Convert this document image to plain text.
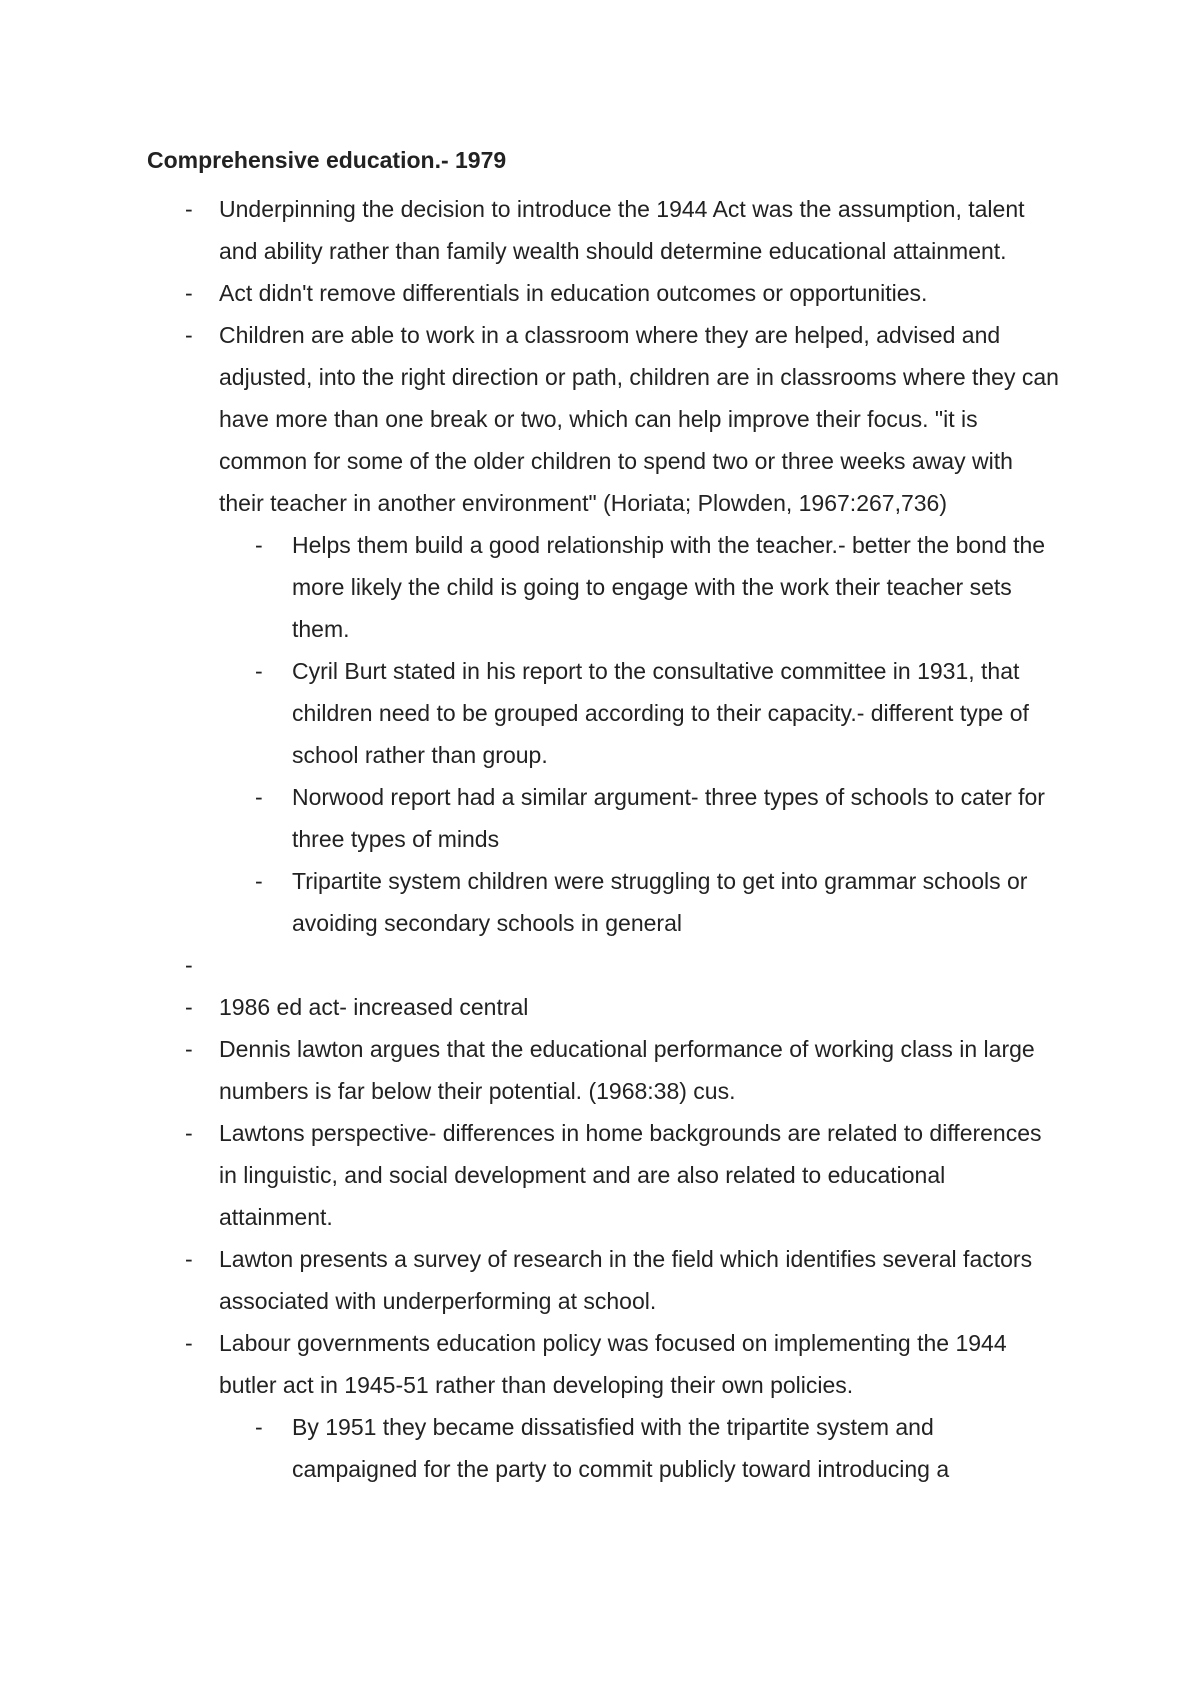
Comprehensive education.- 1979
- Underpinning the decision to introduce the 1944 Act was the assumption, talent and ability rather than family wealth should determine educational attainment.
- Act didn't remove differentials in education outcomes or opportunities.
- Children are able to work in a classroom where they are helped, advised and adjusted, into the right direction or path, children are in classrooms where they can have more than one break or two, which can help improve their focus. "it is common for some of the older children to spend two or three weeks away with their teacher in another environment" (Horiata; Plowden, 1967:267,736)
- Helps them build a good relationship with the teacher.- better the bond the more likely the child is going to engage with the work their teacher sets them.
- Cyril Burt stated in his report to the consultative committee in 1931, that children need to be grouped according to their capacity.- different type of school rather than group.
- Norwood report had a similar argument- three types of schools to cater for three types of minds
- Tripartite system children were struggling to get into grammar schools or avoiding secondary schools in general
-
- 1986 ed act- increased central
- Dennis lawton argues that the educational performance of working class in large numbers is far below their potential. (1968:38) cus.
- Lawtons perspective- differences in home backgrounds are related to differences in linguistic, and social development and are also related to educational attainment.
- Lawton presents a survey of research in the field which identifies several factors associated with underperforming at school.
- Labour governments education policy was focused on implementing the 1944 butler act in 1945-51 rather than developing their own policies.
- By 1951 they became dissatisfied with the tripartite system and campaigned for the party to commit publicly toward introducing a
